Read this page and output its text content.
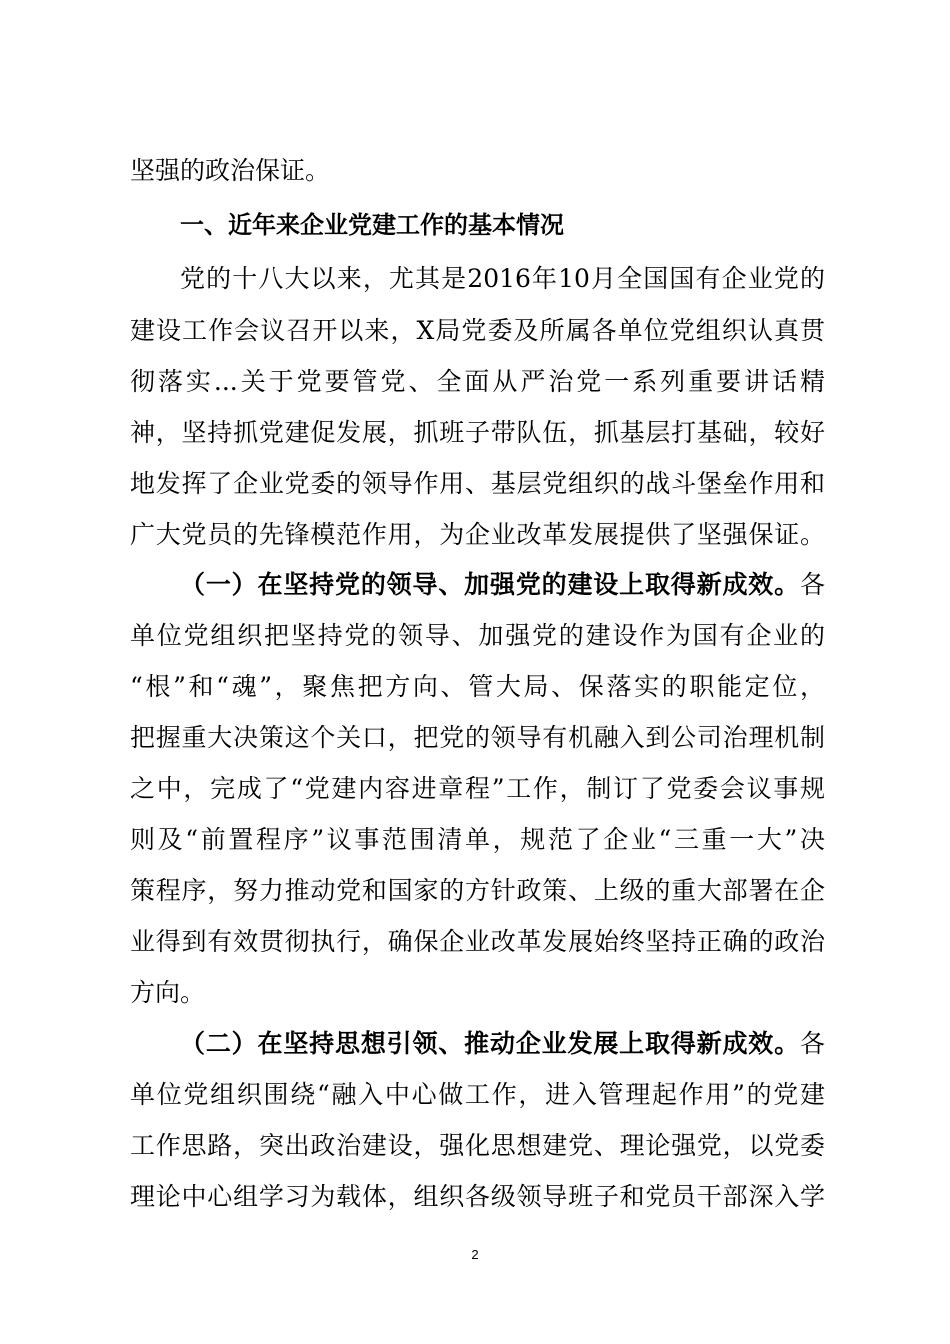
坚强的政治保证。
一、近年来企业党建工作的基本情况
党的十八大以来，尤其是2016年10月全国国有企业党的
建设工作会议召开以来，X局党委及所属各单位党组织认真贯
彻落实...关于党要管党、全面从严治党一系列重要讲话精
神，坚持抓党建促发展，抓班子带队伍，抓基层打基础，较好
地发挥了企业党委的领导作用、基层党组织的战斗堡垒作用和
广大党员的先锋模范作用，为企业改革发展提供了坚强保证。
（一）在坚持党的领导、加强党的建设上取得新成效。各
单位党组织把坚持党的领导、加强党的建设作为国有企业的
“根”和“魂”，聚焦把方向、管大局、保落实的职能定位，
把握重大决策这个关口，把党的领导有机融入到公司治理机制
之中，完成了“党建内容进章程”工作，制订了党委会议事规
则及“前置程序”议事范围清单，规范了企业“三重一大”决
策程序，努力推动党和国家的方针政策、上级的重大部署在企
业得到有效贯彻执行，确保企业改革发展始终坚持正确的政治
方向。
（二）在坚持思想引领、推动企业发展上取得新成效。各
单位党组织围绕“融入中心做工作，进入管理起作用”的党建
工作思路，突出政治建设，强化思想建党、理论强党，以党委
理论中心组学习为载体，组织各级领导班子和党员干部深入学
2
